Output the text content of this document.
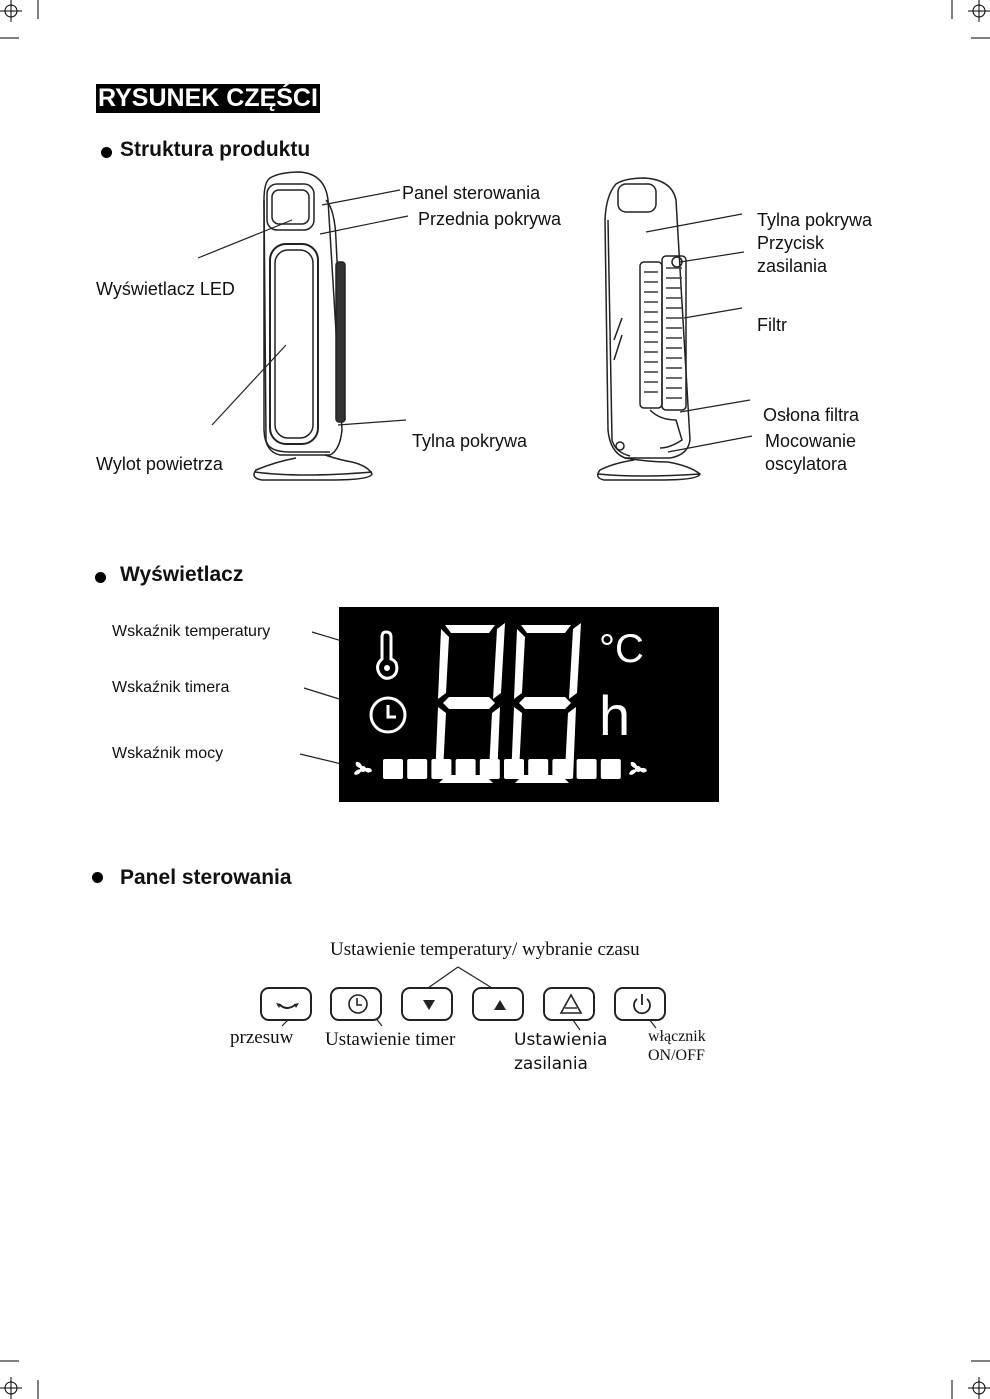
RYSUNEK CZĘŚCI
Struktura produktu
Panel sterowania
Przednia pokrywa
Wyświetlacz LED
Wylot powietrza
Tylna pokrywa
Tylna pokrywa
Przycisk
zasilania
Filtr
Osłona filtra
Mocowanie
oscylatora
Wyświetlacz
Wskaźnik temperatury
Wskaźnik timera
Wskaźnik mocy
°C
h
Panel sterowania
Ustawienie temperatury/ wybranie czasu
przesuw Ustawienie timer	Ustawienia
zasilania
włącznik
ON/OFF
